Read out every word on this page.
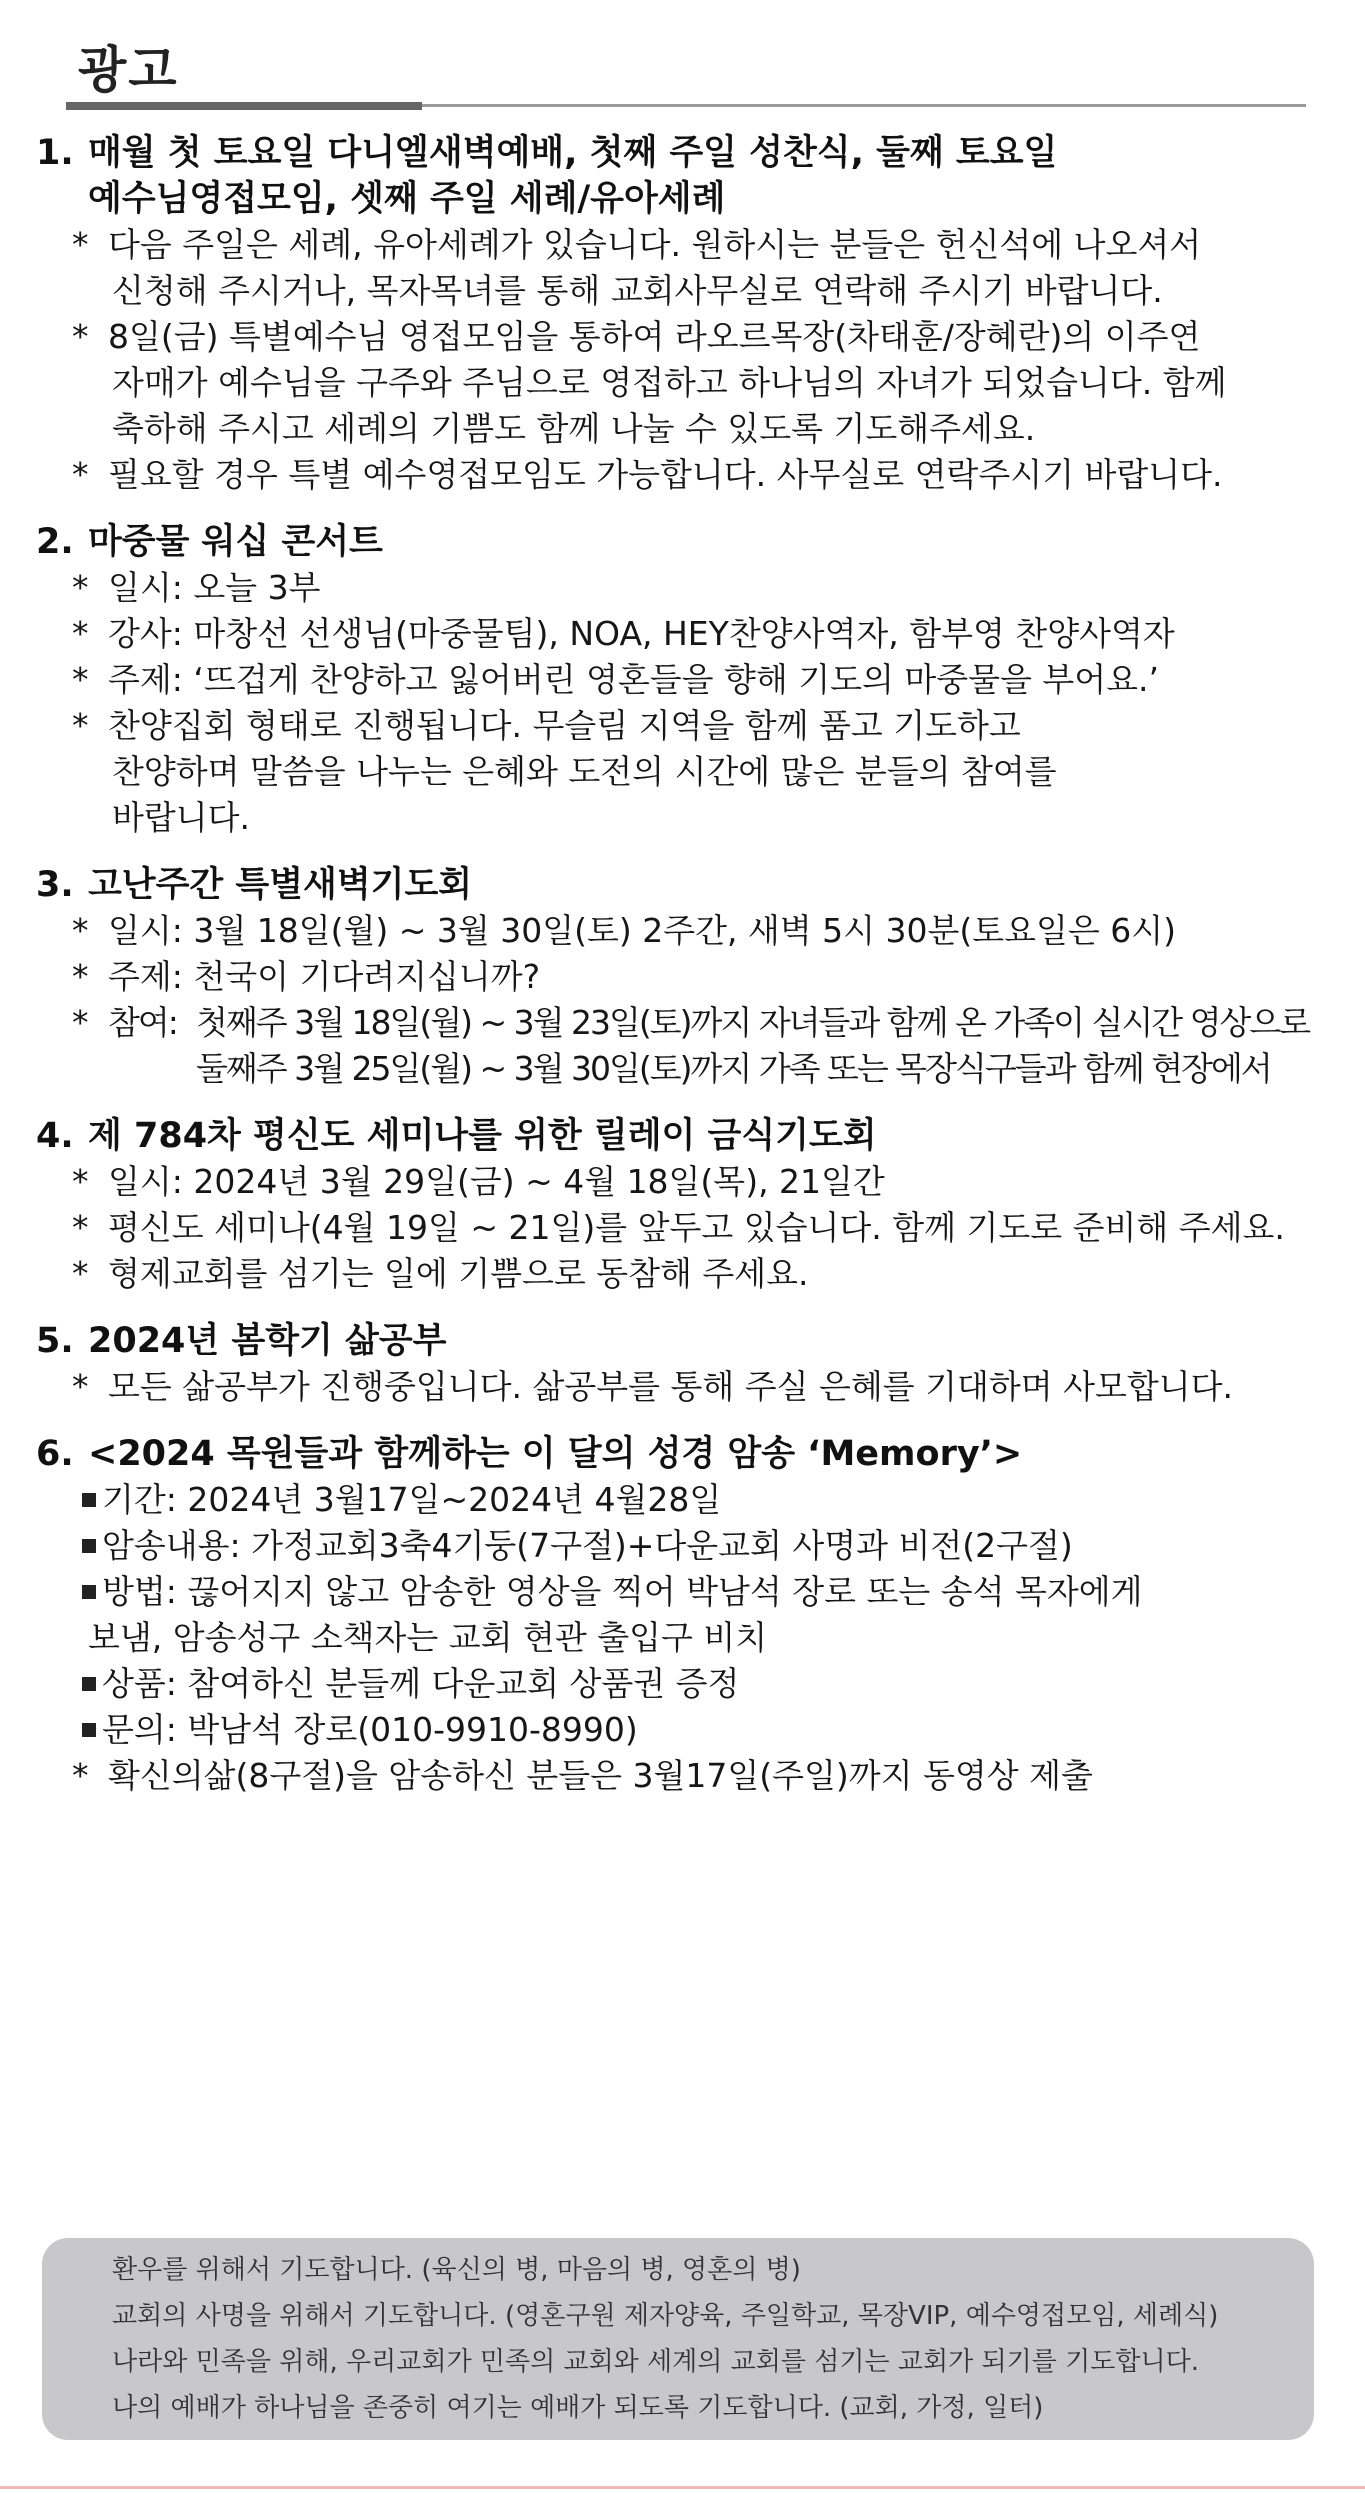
광고
1. 매월 첫 토요일 다니엘새벽예배, 첫째 주일 성찬식, 둘째 토요일
예수님영접모임, 셋째 주일 세례/유아세례
* 다음 주일은 세례, 유아세례가 있습니다. 원하시는 분들은 헌신석에 나오셔서
신청해 주시거나, 목자목녀를 통해 교회사무실로 연락해 주시기 바랍니다.
* 8일(금) 특별예수님 영접모임을 통하여 라오르목장(차태훈/장혜란)의 이주연
자매가 예수님을 구주와 주님으로 영접하고 하나님의 자녀가 되었습니다. 함께
축하해 주시고 세례의 기쁨도 함께 나눌 수 있도록 기도해주세요.
* 필요할 경우 특별 예수영접모임도 가능합니다. 사무실로 연락주시기 바랍니다.
2. 마중물 워십 콘서트
* 일시: 오늘 3부
* 강사: 마창선 선생님(마중물팀), NOA, HEY찬양사역자, 함부영 찬양사역자
* 주제: ‘뜨겁게 찬양하고 잃어버린 영혼들을 향해 기도의 마중물을 부어요.’
* 찬양집회 형태로 진행됩니다. 무슬림 지역을 함께 품고 기도하고
찬양하며 말씀을 나누는 은혜와 도전의 시간에 많은 분들의 참여를
바랍니다.
3. 고난주간 특별새벽기도회
* 일시: 3월 18일(월) ~ 3월 30일(토) 2주간, 새벽 5시 30분(토요일은 6시)
* 주제: 천국이 기다려지십니까?
* 참여: 첫째주 3월 18일(월) ~ 3월 23일(토)까지 자녀들과 함께 온 가족이 실시간 영상으로
둘째주 3월 25일(월) ~ 3월 30일(토)까지 가족 또는 목장식구들과 함께 현장에서
4. 제 784차 평신도 세미나를 위한 릴레이 금식기도회
* 일시: 2024년 3월 29일(금) ~ 4월 18일(목), 21일간
* 평신도 세미나(4월 19일 ~ 21일)를 앞두고 있습니다. 함께 기도로 준비해 주세요.
* 형제교회를 섬기는 일에 기쁨으로 동참해 주세요.
5. 2024년 봄학기 삶공부
* 모든 삶공부가 진행중입니다. 삶공부를 통해 주실 은혜를 기대하며 사모합니다.
6. <2024 목원들과 함께하는 이 달의 성경 암송 ‘Memory’>
기간: 2024년 3월17일~2024년 4월28일
암송내용: 가정교회3축4기둥(7구절)+다운교회 사명과 비전(2구절)
방법: 끊어지지 않고 암송한 영상을 찍어 박남석 장로 또는 송석 목자에게
보냄, 암송성구 소책자는 교회 현관 출입구 비치
상품: 참여하신 분들께 다운교회 상품권 증정
문의: 박남석 장로(010-9910-8990)
* 확신의삶(8구절)을 암송하신 분들은 3월17일(주일)까지 동영상 제출
환우를 위해서 기도합니다. (육신의 병, 마음의 병, 영혼의 병)
교회의 사명을 위해서 기도합니다. (영혼구원 제자양육, 주일학교, 목장VIP, 예수영접모임, 세례식)
나라와 민족을 위해, 우리교회가 민족의 교회와 세계의 교회를 섬기는 교회가 되기를 기도합니다.
나의 예배가 하나님을 존중히 여기는 예배가 되도록 기도합니다. (교회, 가정, 일터)
